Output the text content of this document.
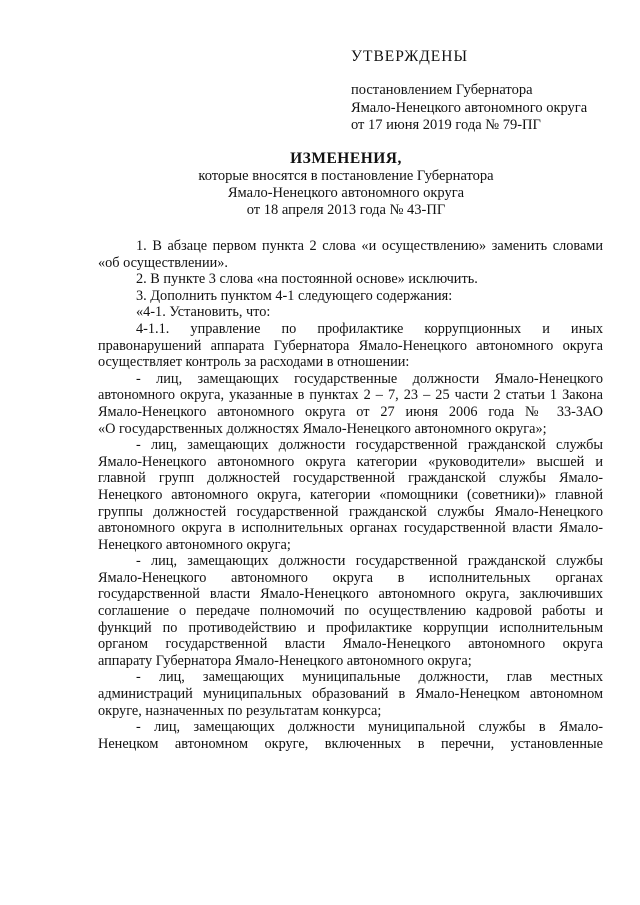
УТВЕРЖДЕНЫ
постановлением Губернатора
Ямало-Ненецкого автономного округа
от 17 июня 2019 года № 79-ПГ
ИЗМЕНЕНИЯ,
которые вносятся в постановление Губернатора
Ямало-Ненецкого автономного округа
от 18 апреля 2013 года № 43-ПГ
1. В абзаце первом пункта 2 слова «и осуществлению» заменить словами
«об осуществлении».
2. В пункте 3 слова «на постоянной основе» исключить.
3. Дополнить пунктом 4-1 следующего содержания:
«4-1. Установить, что:
4-1.1. управление по профилактике коррупционных и иных
правонарушений аппарата Губернатора Ямало-Ненецкого автономного округа
осуществляет контроль за расходами в отношении:
- лиц, замещающих государственные должности Ямало-Ненецкого
автономного округа, указанные в пунктах 2 – 7, 23 – 25 части 2 статьи 1 Закона
Ямало-Ненецкого автономного округа от 27 июня 2006 года № 33-ЗАО
«О государственных должностях Ямало-Ненецкого автономного округа»;
- лиц, замещающих должности государственной гражданской службы
Ямало-Ненецкого автономного округа категории «руководители» высшей и
главной групп должностей государственной гражданской службы Ямало-
Ненецкого автономного округа, категории «помощники (советники)» главной
группы должностей государственной гражданской службы Ямало-Ненецкого
автономного округа в исполнительных органах государственной власти Ямало-
Ненецкого автономного округа;
- лиц, замещающих должности государственной гражданской службы
Ямало-Ненецкого автономного округа в исполнительных органах
государственной власти Ямало-Ненецкого автономного округа, заключивших
соглашение о передаче полномочий по осуществлению кадровой работы и
функций по противодействию и профилактике коррупции исполнительным
органом государственной власти Ямало-Ненецкого автономного округа
аппарату Губернатора Ямало-Ненецкого автономного округа;
- лиц, замещающих муниципальные должности, глав местных
администраций муниципальных образований в Ямало-Ненецком автономном
округе, назначенных по результатам конкурса;
- лиц, замещающих должности муниципальной службы в Ямало-
Ненецком автономном округе, включенных в перечни, установленные
